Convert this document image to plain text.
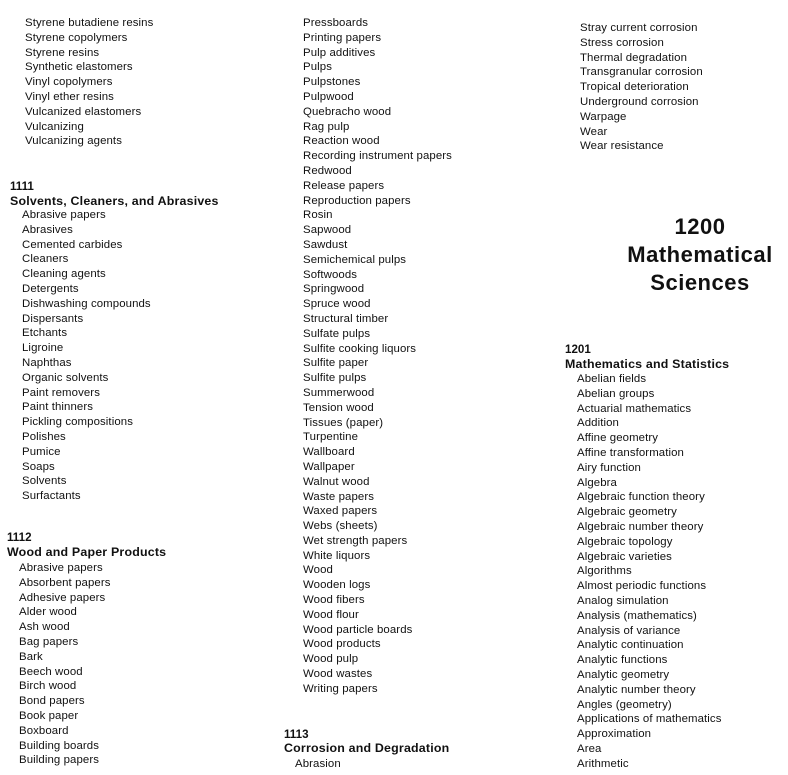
Styrene butadiene resins
Styrene copolymers
Styrene resins
Synthetic elastomers
Vinyl copolymers
Vinyl ether resins
Vulcanized elastomers
Vulcanizing
Vulcanizing agents
1111
Solvents, Cleaners, and Abrasives
Abrasive papers
Abrasives
Cemented carbides
Cleaners
Cleaning agents
Detergents
Dishwashing compounds
Dispersants
Etchants
Ligroine
Naphthas
Organic solvents
Paint removers
Paint thinners
Pickling compositions
Polishes
Pumice
Soaps
Solvents
Surfactants
1112
Wood and Paper Products
Abrasive papers
Absorbent papers
Adhesive papers
Alder wood
Ash wood
Bag papers
Bark
Beech wood
Birch wood
Bond papers
Book paper
Boxboard
Building boards
Building papers
Pressboards
Printing papers
Pulp additives
Pulps
Pulpstones
Pulpwood
Quebracho wood
Rag pulp
Reaction wood
Recording instrument papers
Redwood
Release papers
Reproduction papers
Rosin
Sapwood
Sawdust
Semichemical pulps
Softwoods
Springwood
Spruce wood
Structural timber
Sulfate pulps
Sulfite cooking liquors
Sulfite paper
Sulfite pulps
Summerwood
Tension wood
Tissues (paper)
Turpentine
Wallboard
Wallpaper
Walnut wood
Waste papers
Waxed papers
Webs (sheets)
Wet strength papers
White liquors
Wood
Wooden logs
Wood fibers
Wood flour
Wood particle boards
Wood products
Wood pulp
Wood wastes
Writing papers
1113
Corrosion and Degradation
Abrasion
Stray current corrosion
Stress corrosion
Thermal degradation
Transgranular corrosion
Tropical deterioration
Underground corrosion
Warpage
Wear
Wear resistance
1200
Mathematical
Sciences
1201
Mathematics and Statistics
Abelian fields
Abelian groups
Actuarial mathematics
Addition
Affine geometry
Affine transformation
Airy function
Algebra
Algebraic function theory
Algebraic geometry
Algebraic number theory
Algebraic topology
Algebraic varieties
Algorithms
Almost periodic functions
Analog simulation
Analysis (mathematics)
Analysis of variance
Analytic continuation
Analytic functions
Analytic geometry
Analytic number theory
Angles (geometry)
Applications of mathematics
Approximation
Area
Arithmetic
